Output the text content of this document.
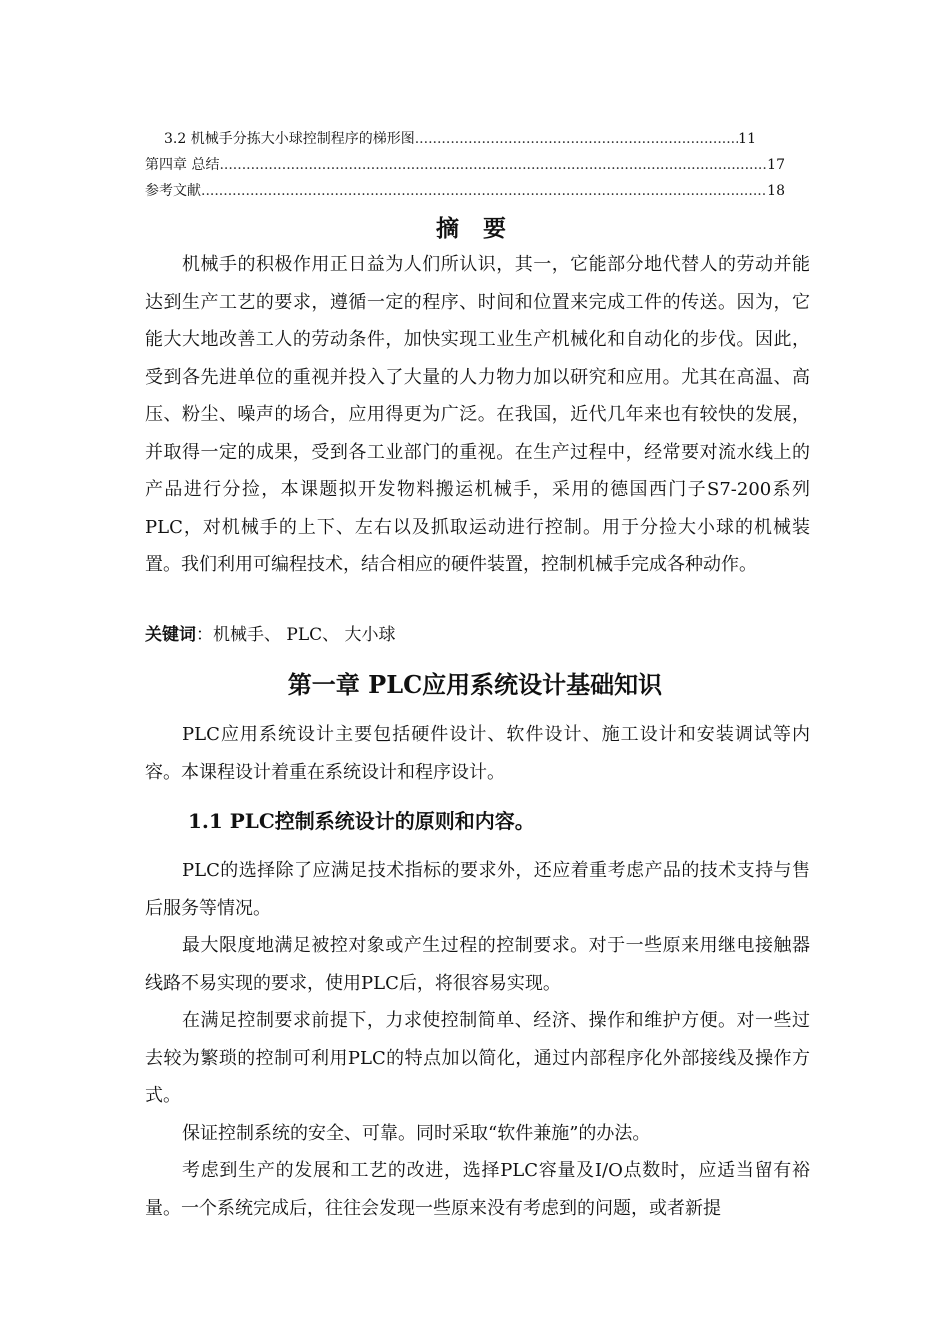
3.2 机械手分拣大小球控制程序的梯形图 .....	11
第四章 总结 .....	17
参考文献 .....	18
摘 要

机械手的积极作用正日益为人们所认识，其一，它能部分地代替人的劳动并能达到生产工艺的要求，遵循一定的程序、时间和位置来完成工件的传送。因为，它能大大地改善工人的劳动条件，加快实现工业生产机械化和自动化的步伐。因此，受到各先进单位的重视并投入了大量的人力物力加以研究和应用。尤其在高温、高压、粉尘、噪声的场合，应用得更为广泛。在我国，近代几年来也有较快的发展，并取得一定的成果，受到各工业部门的重视。在生产过程中，经常要对流水线上的产品进行分捡，本课题拟开发物料搬运机械手，采用的德国西门子S7-200系列PLC，对机械手的上下、左右以及抓取运动进行控制。用于分捡大小球的机械装置。我们利用可编程技术，结合相应的硬件装置，控制机械手完成各种动作。

关键词：机械手、 PLC、 大小球
第一章 PLC应用系统设计基础知识

PLC应用系统设计主要包括硬件设计、软件设计、施工设计和安装调试等内容。本课程设计着重在系统设计和程序设计。

1.1 PLC控制系统设计的原则和内容。

PLC的选择除了应满足技术指标的要求外，还应着重考虑产品的技术支持与售后服务等情况。

最大限度地满足被控对象或产生过程的控制要求。对于一些原来用继电接触器线路不易实现的要求，使用PLC后，将很容易实现。

在满足控制要求前提下，力求使控制简单、经济、操作和维护方便。对一些过去较为繁琐的控制可利用PLC的特点加以简化，通过内部程序化外部接线及操作方式。

保证控制系统的安全、可靠。同时采取“软件兼施”的办法。

考虑到生产的发展和工艺的改进，选择PLC容量及I/O点数时，应适当留有裕量。一个系统完成后，往往会发现一些原来没有考虑到的问题，或者新提
